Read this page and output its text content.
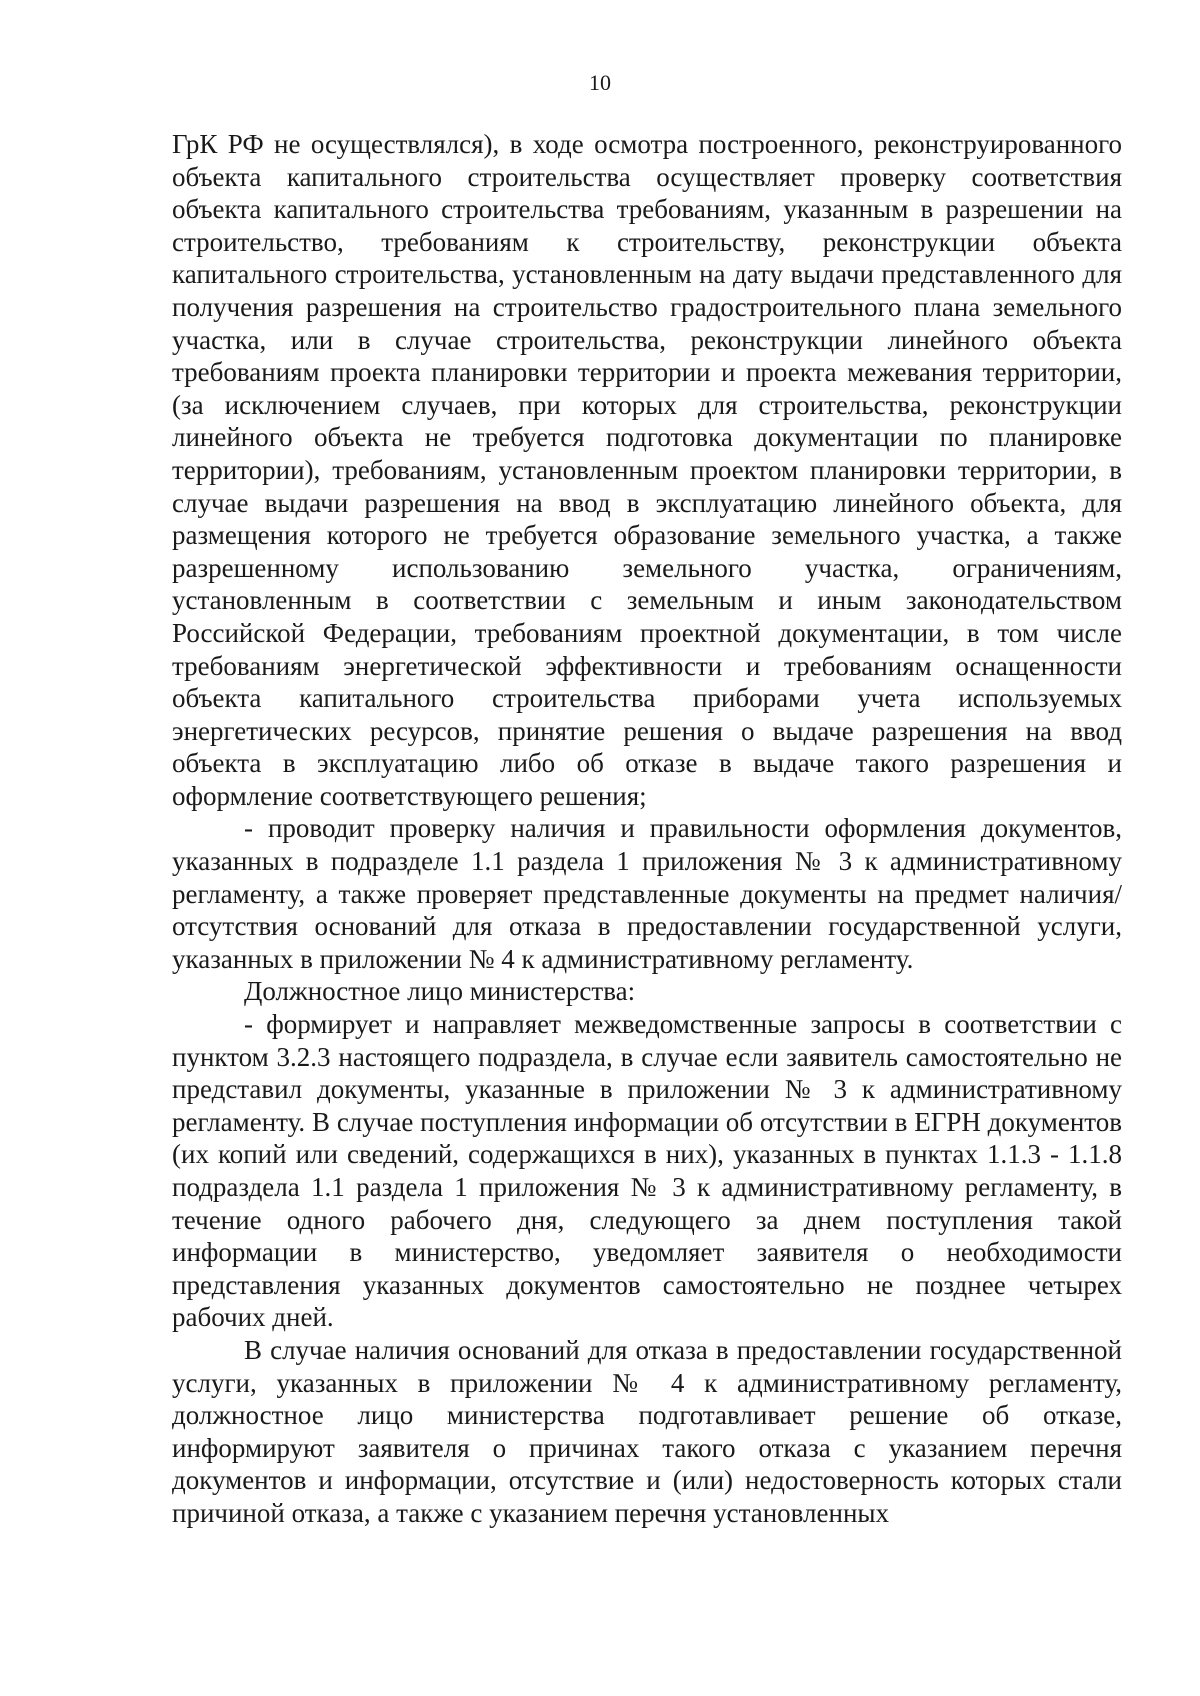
10

ГрК РФ не осуществлялся), в ходе осмотра построенного, реконструированного объекта капитального строительства осуществляет проверку соответствия объекта капитального строительства требованиям, указанным в разрешении на строительство, требованиям к строительству, реконструкции объекта капитального строительства, установленным на дату выдачи представленного для получения разрешения на строительство градостроительного плана земельного участка, или в случае строительства, реконструкции линейного объекта требованиям проекта планировки территории и проекта межевания территории, (за исключением случаев, при которых для строительства, реконструкции линейного объекта не требуется подготовка документации по планировке территории), требованиям, установленным проектом планировки территории, в случае выдачи разрешения на ввод в эксплуатацию линейного объекта, для размещения которого не требуется образование земельного участка, а также разрешенному использованию земельного участка, ограничениям, установленным в соответствии с земельным и иным законодательством Российской Федерации, требованиям проектной документации, в том числе требованиям энергетической эффективности и требованиям оснащенности объекта капитального строительства приборами учета используемых энергетических ресурсов, принятие решения о выдаче разрешения на ввод объекта в эксплуатацию либо об отказе в выдаче такого разрешения и оформление соответствующего решения;

- проводит проверку наличия и правильности оформления документов, указанных в подразделе 1.1 раздела 1 приложения № 3 к административному регламенту, а также проверяет представленные документы на предмет наличия/отсутствия оснований для отказа в предоставлении государственной услуги, указанных в приложении № 4 к административному регламенту.

Должностное лицо министерства:

- формирует и направляет межведомственные запросы в соответствии с пунктом 3.2.3 настоящего подраздела, в случае если заявитель самостоятельно не представил документы, указанные в приложении № 3 к административному регламенту. В случае поступления информации об отсутствии в ЕГРН документов (их копий или сведений, содержащихся в них), указанных в пунктах 1.1.3 - 1.1.8 подраздела 1.1 раздела 1 приложения № 3 к административному регламенту, в течение одного рабочего дня, следующего за днем поступления такой информации в министерство, уведомляет заявителя о необходимости представления указанных документов самостоятельно не позднее четырех рабочих дней.

В случае наличия оснований для отказа в предоставлении государственной услуги, указанных в приложении № 4 к административному регламенту, должностное лицо министерства подготавливает решение об отказе, информируют заявителя о причинах такого отказа с указанием перечня документов и информации, отсутствие и (или) недостоверность которых стали причиной отказа, а также с указанием перечня установленных
